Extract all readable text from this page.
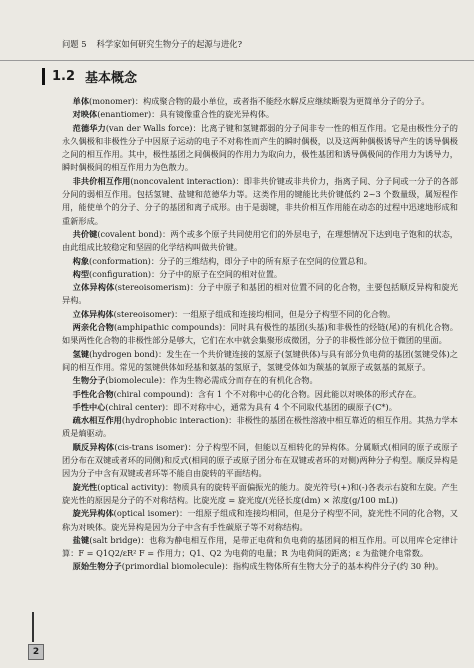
问题 5 科学家如何研究生物分子的起源与进化?
1.2 基本概念

单体(monomer)：构成聚合物的最小单位，或者指不能经水解反应继续断裂为更简单分子的分子。

对映体(enantiomer)：具有镜像重合性的旋光异构体。

范德华力(van der Walls force)：比离子键和氢键都弱的分子间非专一性的相互作用。它是由极性分子的永久偶极和非极性分子中因原子运动的电子不对称性而产生的瞬时偶极，以及这两种偶极诱导产生的诱导偶极之间的相互作用。其中，极性基团之间偶极间的作用力为取向力，极性基团和诱导偶极间的作用力为诱导力，瞬时偶极间的相互作用力为色散力。

非共价相互作用(noncovalent interaction)：即非共价键或非共价力，指离子间、分子间或一分子的各部分间的弱相互作用。包括氢键、盐键和范德华力等。这类作用的键能比共价键低约 2~3 个数量级，属短程作用，能使单个的分子、分子的基团和离子成形。由于是弱键，非共价相互作用能在动态的过程中迅速地形成和重新形成。

共价键(covalent bond)：两个或多个原子共同使用它们的外层电子，在理想情况下达到电子饱和的状态，由此组成比较稳定和坚固的化学结构叫做共价键。

构象(conformation)：分子的三维结构，即分子中的所有原子在空间的位置总和。

构型(configuration)：分子中的原子在空间的相对位置。

立体异构体(stereoisomerism)：分子中原子和基团的相对位置不同的化合物，主要包括顺反异构和旋光异构。

立体异构体(stereoisomer)：一组原子组成和连接均相同，但是分子构型不同的化合物。

两亲化合物(amphipathic compounds)：同时具有极性的基团(头基)和非极性的烃链(尾)的有机化合物。如果两性化合物的非极性部分是够大，它们在水中就会集聚形成微团，分子的非极性部分位于微团的里面。

氢键(hydrogen bond)：发生在一个共价键连接的氢原子(氢键供体)与具有部分负电荷的基团(氢键受体)之间的相互作用。常见的氢键供体如羟基和氨基的氢原子，氢键受体如为羰基的氧原子或氨基的氮原子。

生物分子(biomolecule)：作为生物必需成分而存在的有机化合物。

手性化合物(chiral compound)：含有 1 个不对称中心的化合物。因此能以对映体的形式存在。

手性中心(chiral center)：即不对称中心，通常为具有 4 个不同取代基团的碳原子(C*)。

疏水相互作用(hydrophobic interaction)：非极性的基团在极性溶液中相互靠近的相互作用。其热力学本质是熵驱动。

顺反异构体(cis-trans isomer)：分子构型不同，但能以互相转化的异构体。分属顺式(相同的原子或原子团分布在双键或者环的同侧)和反式(相同的原子或原子团分布在双键或者环的对侧)两种分子构型。顺反异构是因为分子中含有双键或者环等不能自由旋转的平面结构。

旋光性(optical activity)：物质具有的旋转平面偏振光的能力。旋光符号(+)和(-)各表示右旋和左旋。产生旋光性的原因是分子的不对称结构。比旋光度 = 旋光度/(光径长度(dm) × 浓度(g/100 mL))

旋光异构体(optical isomer)：一组原子组成和连接均相同，但是分子构型不同，旋光性不同的化合物，又称为对映体。旋光异构是因为分子中含有手性碳原子等不对称结构。

盐键(salt bridge)：也称为静电相互作用，是带正电荷和负电荷的基团间的相互作用。可以用库仑定律计算：F = Q1Q2/εR² F = 作用力；Q1、Q2 为电荷的电量；R 为电荷间的距离；ε 为盐键介电常数。

原始生物分子(primordial biomolecule)：指构成生物体所有生物大分子的基本构件分子(约 30 种)。

2
